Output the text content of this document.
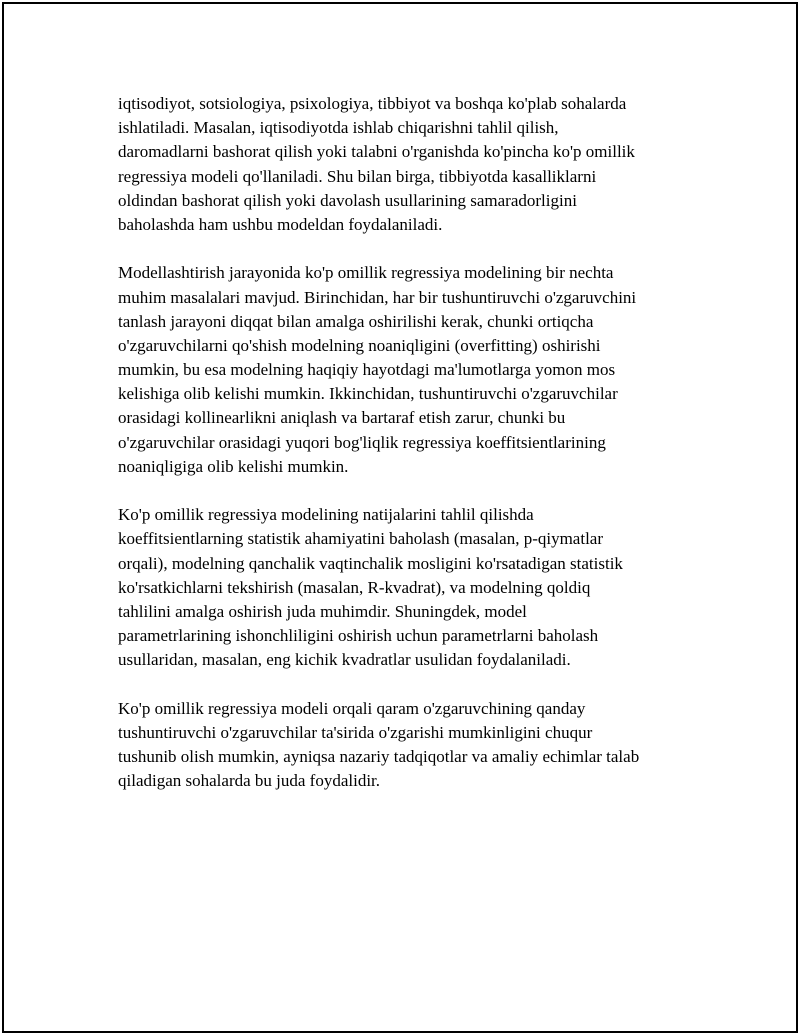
iqtisodiyot, sotsiologiya, psixologiya, tibbiyot va boshqa ko'plab sohalarda
ishlatiladi. Masalan, iqtisodiyotda ishlab chiqarishni tahlil qilish,
daromadlarni bashorat qilish yoki talabni o'rganishda ko'pincha ko'p omillik
regressiya modeli qo'llaniladi. Shu bilan birga, tibbiyotda kasalliklarni
oldindan bashorat qilish yoki davolash usullarining samaradorligini
baholashda ham ushbu modeldan foydalaniladi.
Modellashtirish jarayonida ko'p omillik regressiya modelining bir nechta
muhim masalalari mavjud. Birinchidan, har bir tushuntiruvchi o'zgaruvchini
tanlash jarayoni diqqat bilan amalga oshirilishi kerak, chunki ortiqcha
o'zgaruvchilarni qo'shish modelning noaniqligini (overfitting) oshirishi
mumkin, bu esa modelning haqiqiy hayotdagi ma'lumotlarga yomon mos
kelishiga olib kelishi mumkin. Ikkinchidan, tushuntiruvchi o'zgaruvchilar
orasidagi kollinearlikni aniqlash va bartaraf etish zarur, chunki bu
o'zgaruvchilar orasidagi yuqori bog'liqlik regressiya koeffitsientlarining
noaniqligiga olib kelishi mumkin.
Ko'p omillik regressiya modelining natijalarini tahlil qilishda
koeffitsientlarning statistik ahamiyatini baholash (masalan, p-qiymatlar
orqali), modelning qanchalik vaqtinchalik mosligini ko'rsatadigan statistik
ko'rsatkichlarni tekshirish (masalan, R-kvadrat), va modelning qoldiq
tahlilini amalga oshirish juda muhimdir. Shuningdek, model
parametrlarining ishonchliligini oshirish uchun parametrlarni baholash
usullaridan, masalan, eng kichik kvadratlar usulidan foydalaniladi.
Ko'p omillik regressiya modeli orqali qaram o'zgaruvchining qanday
tushuntiruvchi o'zgaruvchilar ta'sirida o'zgarishi mumkinligini chuqur
tushunib olish mumkin, ayniqsa nazariy tadqiqotlar va amaliy echimlar talab
qiladigan sohalarda bu juda foydalidir.
